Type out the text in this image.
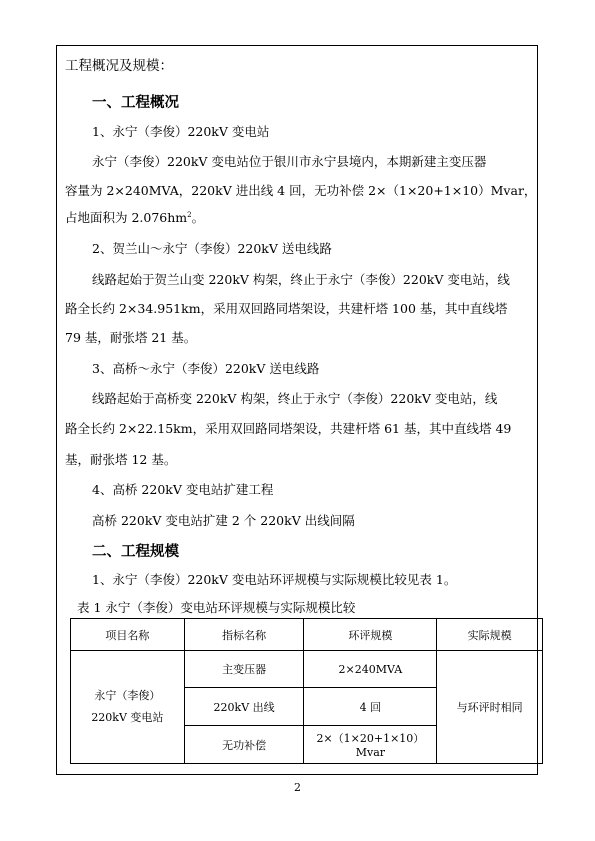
工程概况及规模：
一、工程概况
1、永宁（李俊）220kV 变电站
永宁（李俊）220kV 变电站位于银川市永宁县境内，本期新建主变压器
容量为 2×240MVA，220kV 进出线 4 回，无功补偿 2×（1×20+1×10）Mvar，
占地面积为 $2.076hm^2$。
2、贺兰山～永宁（李俊）220kV 送电线路
线路起始于贺兰山变 220kV 构架，终止于永宁（李俊）220kV 变电站，线
路全长约 2×34.951km，采用双回路同塔架设，共建杆塔 100 基，其中直线塔
79 基，耐张塔 21 基。
3、高桥～永宁（李俊）220kV 送电线路
线路起始于高桥变 220kV 构架，终止于永宁（李俊）220kV 变电站，线
路全长约 2×22.15km，采用双回路同塔架设，共建杆塔 61 基，其中直线塔 49
基，耐张塔 12 基。
4、高桥 220kV 变电站扩建工程
高桥 220kV 变电站扩建 2 个 220kV 出线间隔
二、工程规模
1、永宁（李俊）220kV 变电站环评规模与实际规模比较见表 1。
表 1 永宁（李俊）变电站环评规模与实际规模比较
项目名称	指标名称	环评规模	实际规模

永宁（李俊）
220kV 变电站	主变压器	2×240MVA	与环评时相同
	220kV 出线	4 回	
	无功补偿	2×（1×20+1×10）Mvar	
2
